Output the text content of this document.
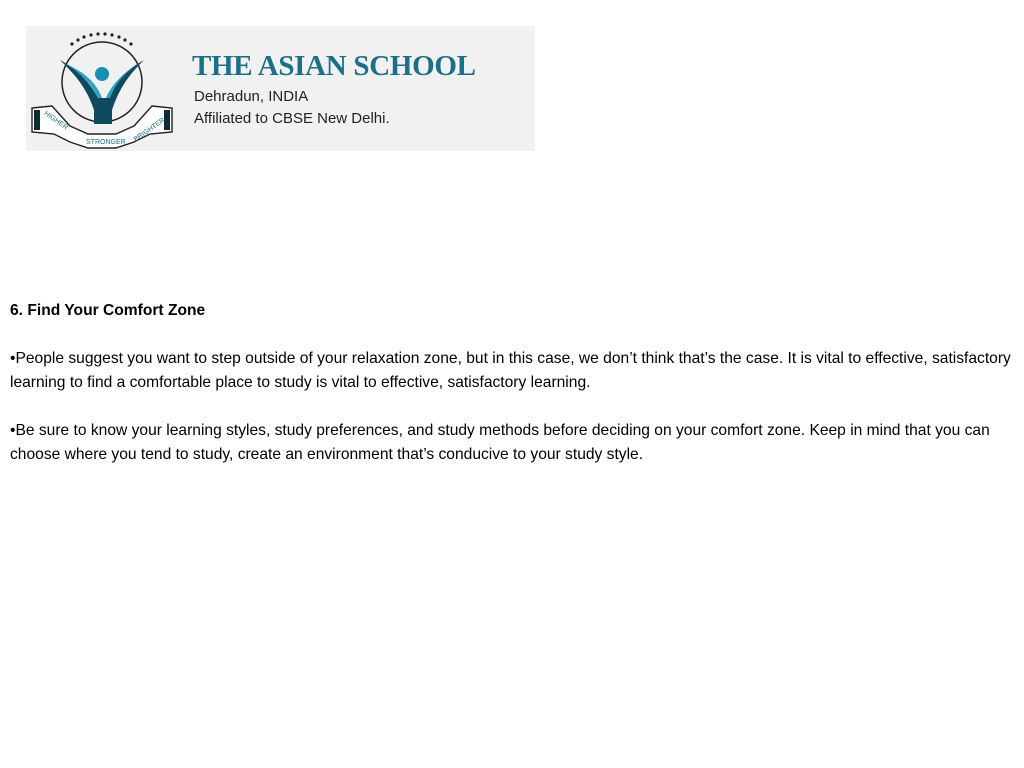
HIGHER
STRONGER BRIGHTER
THE ASIAN SCHOOL
Dehradun, INDIA
Affiliated to CBSE New Delhi.
6. Find Your Comfort Zone
•People suggest you want to step outside of your relaxation zone, but in this case, we don’t think that’s the case. It is vital to effective, satisfactory learning to find a comfortable place to study is vital to effective, satisfactory learning.
•Be sure to know your learning styles, study preferences, and study methods before deciding on your comfort zone. Keep in mind that you can choose where you tend to study, create an environment that’s conducive to your study style.
